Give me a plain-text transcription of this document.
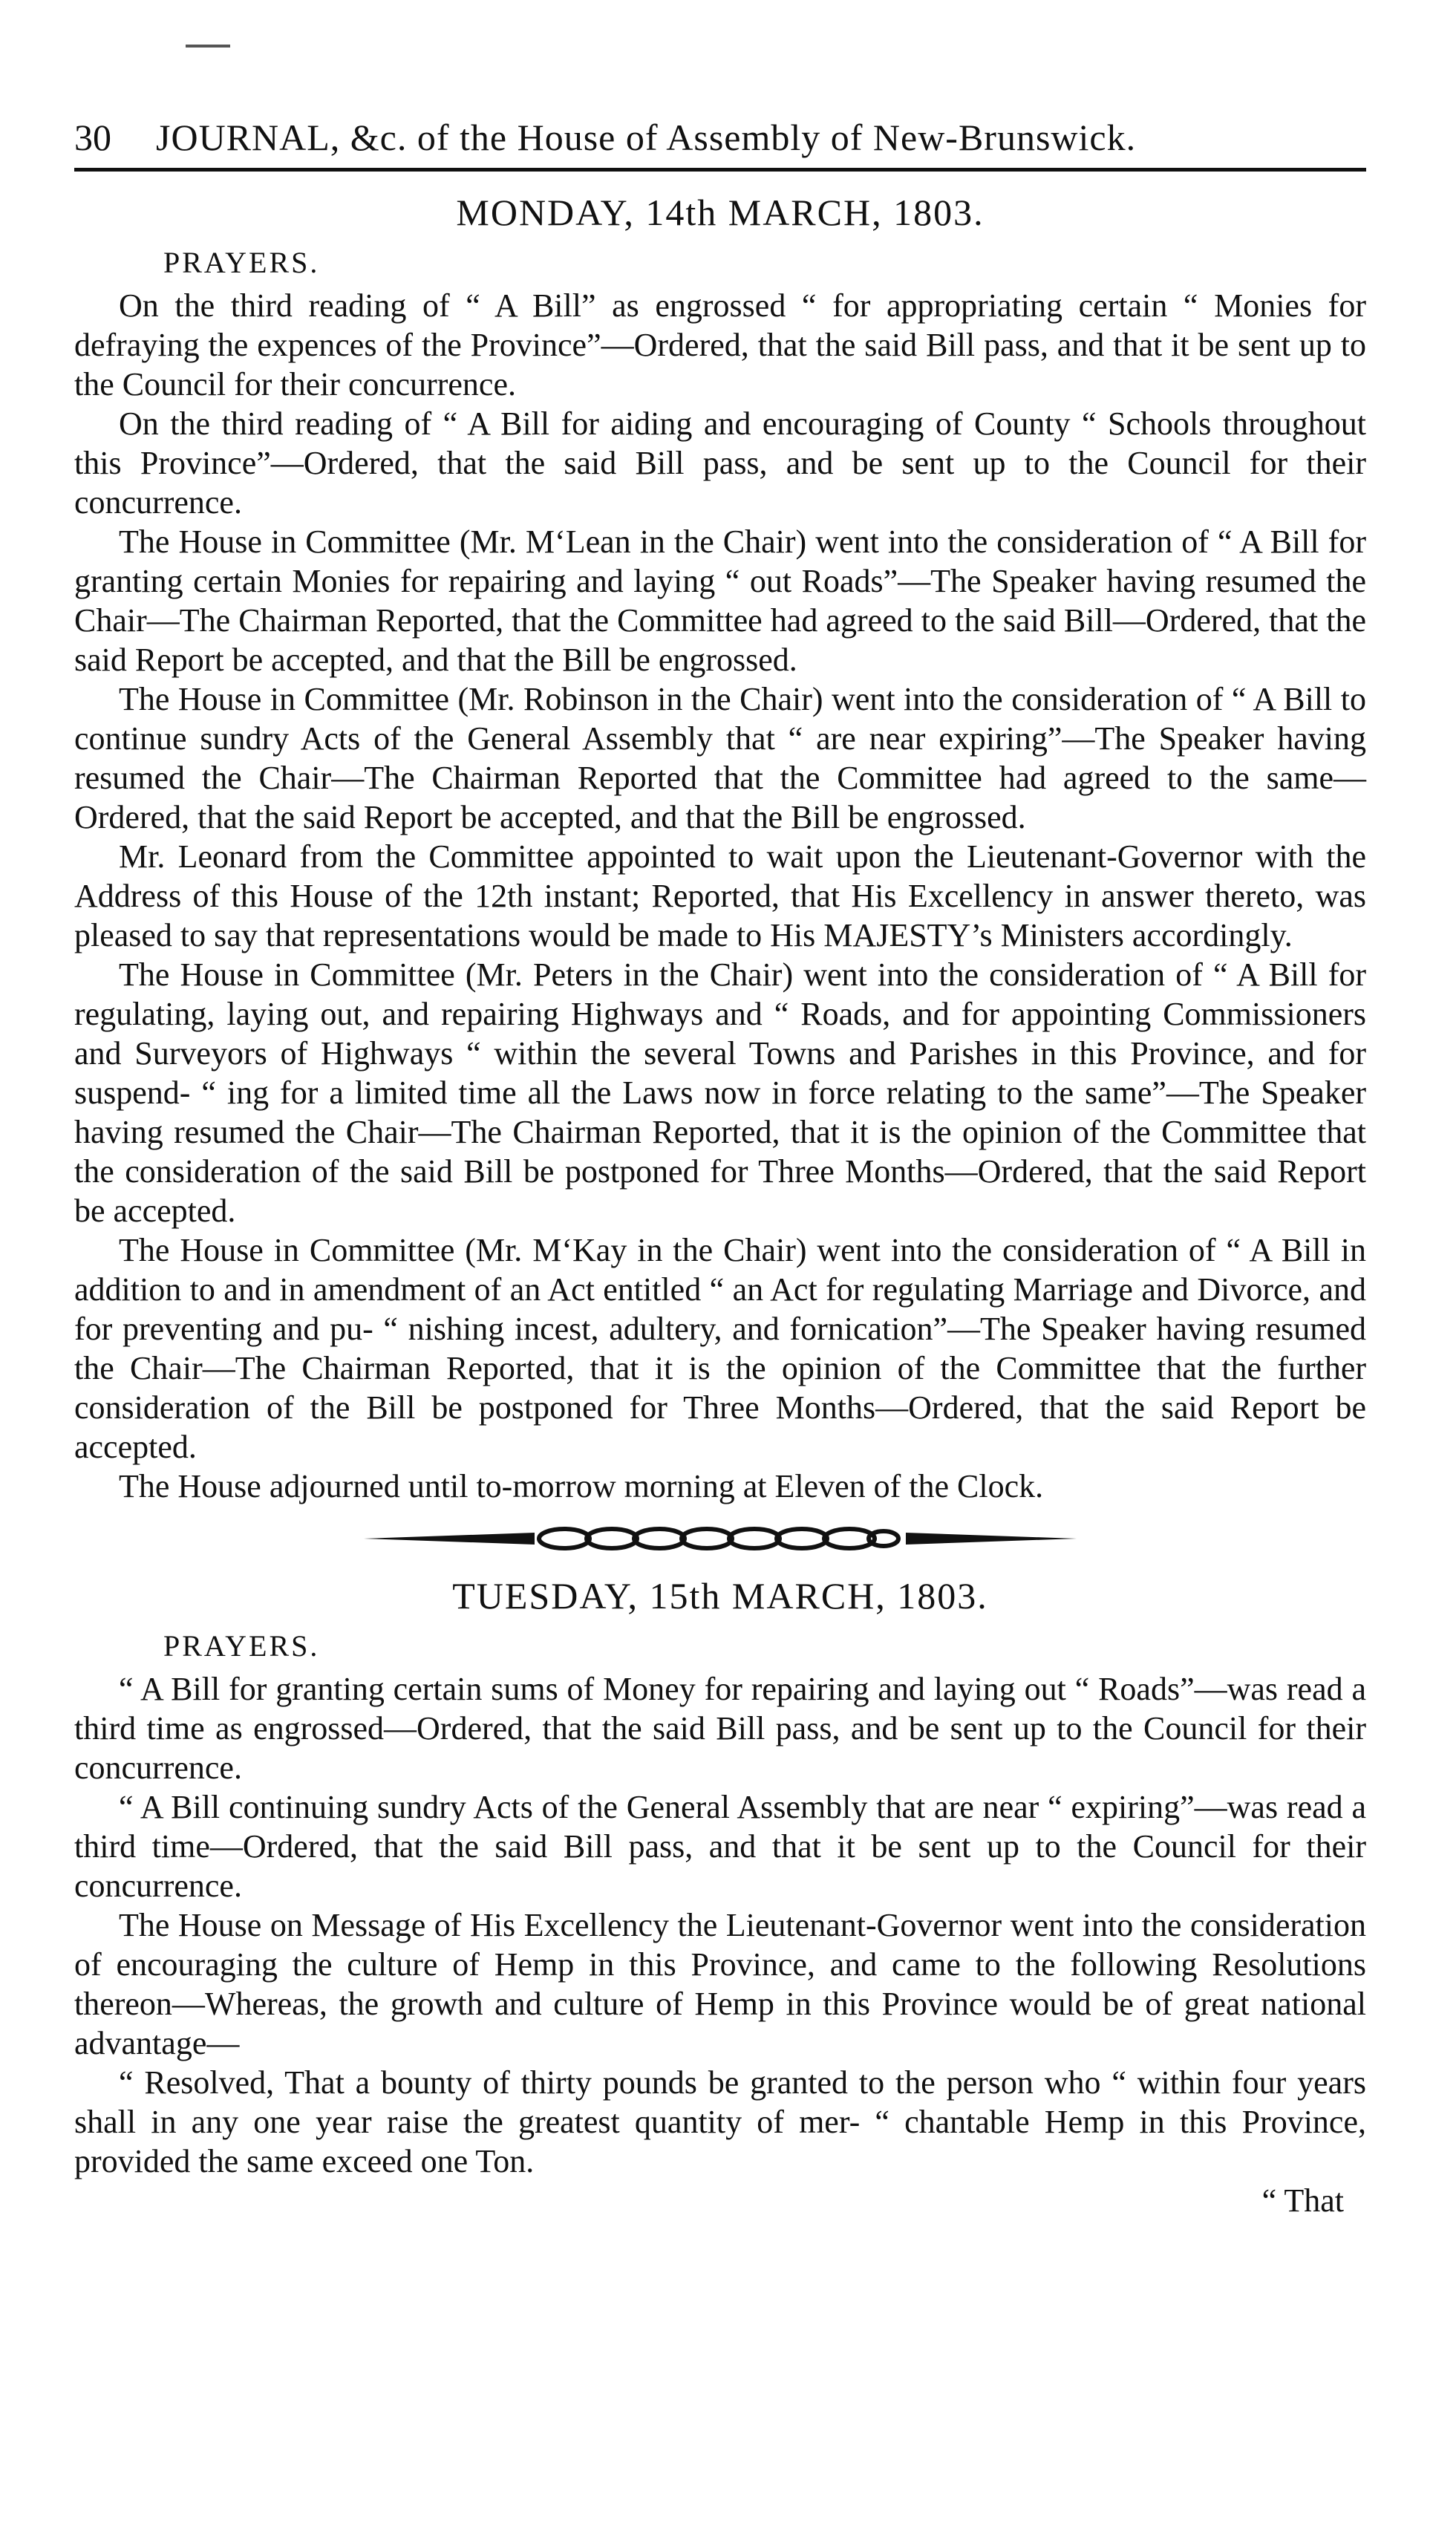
30 JOURNAL, &c. of the House of Assembly of New-Brunswick.
MONDAY, 14th MARCH, 1803.
PRAYERS.

On the third reading of “ A Bill” as engrossed “ for appropriating certain “ Monies for defraying the expences of the Province”—Ordered, that the said Bill pass, and that it be sent up to the Council for their concurrence.

On the third reading of “ A Bill for aiding and encouraging of County “ Schools throughout this Province”—Ordered, that the said Bill pass, and be sent up to the Council for their concurrence.

The House in Committee (Mr. M‘Lean in the Chair) went into the consideration of “ A Bill for granting certain Monies for repairing and laying “ out Roads”—The Speaker having resumed the Chair—The Chairman Reported, that the Committee had agreed to the said Bill—Ordered, that the said Report be accepted, and that the Bill be engrossed.

The House in Committee (Mr. Robinson in the Chair) went into the consideration of “ A Bill to continue sundry Acts of the General Assembly that “ are near expiring”—The Speaker having resumed the Chair—The Chairman Reported that the Committee had agreed to the same—Ordered, that the said Report be accepted, and that the Bill be engrossed.

Mr. Leonard from the Committee appointed to wait upon the Lieutenant-Governor with the Address of this House of the 12th instant; Reported, that His Excellency in answer thereto, was pleased to say that representations would be made to His MAJESTY’s Ministers accordingly.

The House in Committee (Mr. Peters in the Chair) went into the consideration of “ A Bill for regulating, laying out, and repairing Highways and “ Roads, and for appointing Commissioners and Surveyors of Highways “ within the several Towns and Parishes in this Province, and for suspend- “ ing for a limited time all the Laws now in force relating to the same”—The Speaker having resumed the Chair—The Chairman Reported, that it is the opinion of the Committee that the consideration of the said Bill be postponed for Three Months—Ordered, that the said Report be accepted.

The House in Committee (Mr. M‘Kay in the Chair) went into the consideration of “ A Bill in addition to and in amendment of an Act entitled “ an Act for regulating Marriage and Divorce, and for preventing and pu- “ nishing incest, adultery, and fornication”—The Speaker having resumed the Chair—The Chairman Reported, that it is the opinion of the Committee that the further consideration of the Bill be postponed for Three Months—Ordered, that the said Report be accepted.

The House adjourned until to-morrow morning at Eleven of the Clock.

TUESDAY, 15th MARCH, 1803.
PRAYERS.

“ A Bill for granting certain sums of Money for repairing and laying out “ Roads”—was read a third time as engrossed—Ordered, that the said Bill pass, and be sent up to the Council for their concurrence.

“ A Bill continuing sundry Acts of the General Assembly that are near “ expiring”—was read a third time—Ordered, that the said Bill pass, and that it be sent up to the Council for their concurrence.

The House on Message of His Excellency the Lieutenant-Governor went into the consideration of encouraging the culture of Hemp in this Province, and came to the following Resolutions thereon—Whereas, the growth and culture of Hemp in this Province would be of great national advantage—

“ Resolved, That a bounty of thirty pounds be granted to the person who “ within four years shall in any one year raise the greatest quantity of mer- “ chantable Hemp in this Province, provided the same exceed one Ton.

“ That
